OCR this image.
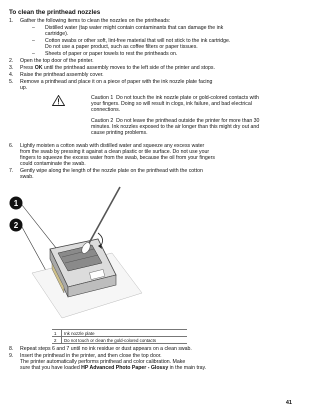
To clean the printhead nozzles
1. Gather the following items to clean the nozzles on the printheads:
– Distilled water (tap water might contain contaminants that can damage the ink
cartridge).
– Cotton swabs or other soft, lint-free material that will not stick to the ink cartridge.
Do not use a paper product, such as coffee filters or paper tissues.
– Sheets of paper or paper towels to rest the printheads on.
2. Open the top door of the printer.
3. Press OK until the printhead assembly moves to the left side of the printer and stops.
4. Raise the printhead assembly cover.
5. Remove a printhead and place it on a piece of paper with the ink nozzle plate facing
up.
Caution 1 Do not touch the ink nozzle plate or gold-colored contacts with
your fingers. Doing so will result in clogs, ink failure, and bad electrical
connections.
Caution 2 Do not leave the printhead outside the printer for more than 30
minutes. Ink nozzles exposed to the air longer than this might dry out and
cause printing problems.
6. Lightly moisten a cotton swab with distilled water and squeeze any excess water
from the swab by pressing it against a clean plastic or tile surface. Do not use your
fingers to squeeze the excess water from the swab, because the oil from your fingers
could contaminate the swab.
7. Gently wipe along the length of the nozzle plate on the printhead with the cotton
swab.
1
2
1	Ink nozzle plate
2	Do not touch or clean the gold-colored contacts
8. Repeat steps 6 and 7 until no ink residue or dust appears on a clean swab.
9. Insert the printhead in the printer, and then close the top door.
The printer automatically performs printhead and color calibration. Make
sure that you have loaded HP Advanced Photo Paper - Glossy in the main tray.
41
